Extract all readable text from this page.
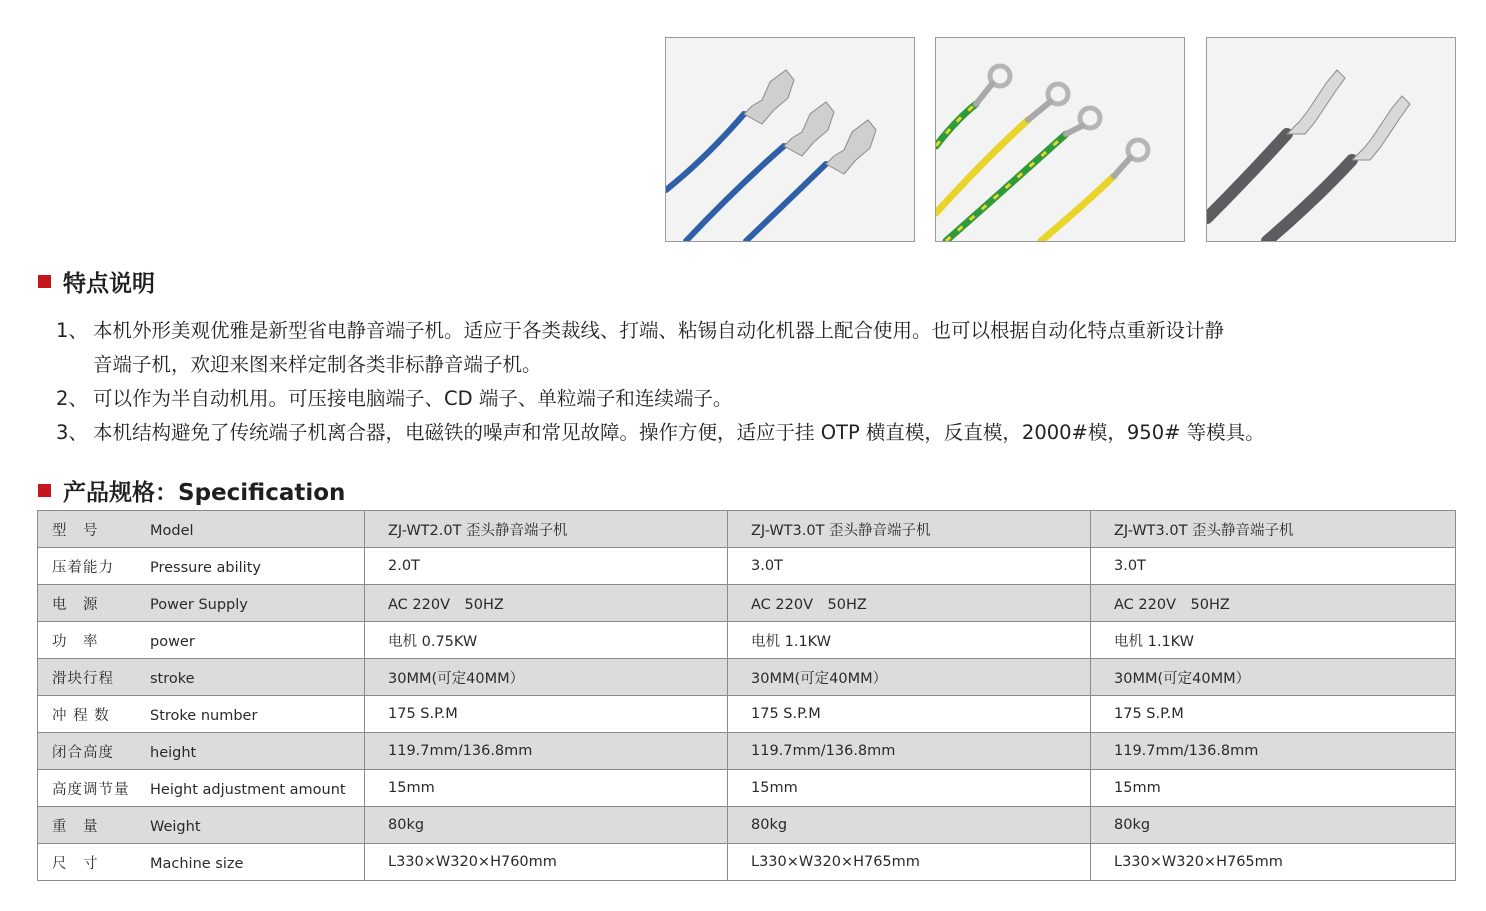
特点说明
1、 本机外形美观优雅是新型省电静音端子机。适应于各类裁线、打端、粘锡自动化机器上配合使用。也可以根据自动化特点重新设计静
音端子机，欢迎来图来样定制各类非标静音端子机。
2、 可以作为半自动机用。可压接电脑端子、CD 端子、单粒端子和连续端子。
3、 本机结构避免了传统端子机离合器，电磁铁的噪声和常见故障。操作方便，适应于挂 OTP 横直模，反直模，2000#模，950# 等模具。
产品规格：Specification
型　号 Model	ZJ-WT2.0T 歪头静音端子机	ZJ-WT3.0T 歪头静音端子机	ZJ-WT3.0T 歪头静音端子机
压着能力 Pressure ability	2.0T	3.0T	3.0T
电　源 Power Supply	AC 220V　50HZ	AC 220V　50HZ	AC 220V　50HZ
功　率 power	电机 0.75KW	电机 1.1KW	电机 1.1KW
滑块行程 stroke	30MM(可定40MM）	30MM(可定40MM）	30MM(可定40MM）
冲 程 数 Stroke number	175 S.P.M	175 S.P.M	175 S.P.M
闭合高度 height	119.7mm/136.8mm	119.7mm/136.8mm	119.7mm/136.8mm
高度调节量 Height adjustment amount	15mm	15mm	15mm
重　量 Weight	80kg	80kg	80kg
尺　寸 Machine size	L330×W320×H760mm	L330×W320×H765mm	L330×W320×H765mm
